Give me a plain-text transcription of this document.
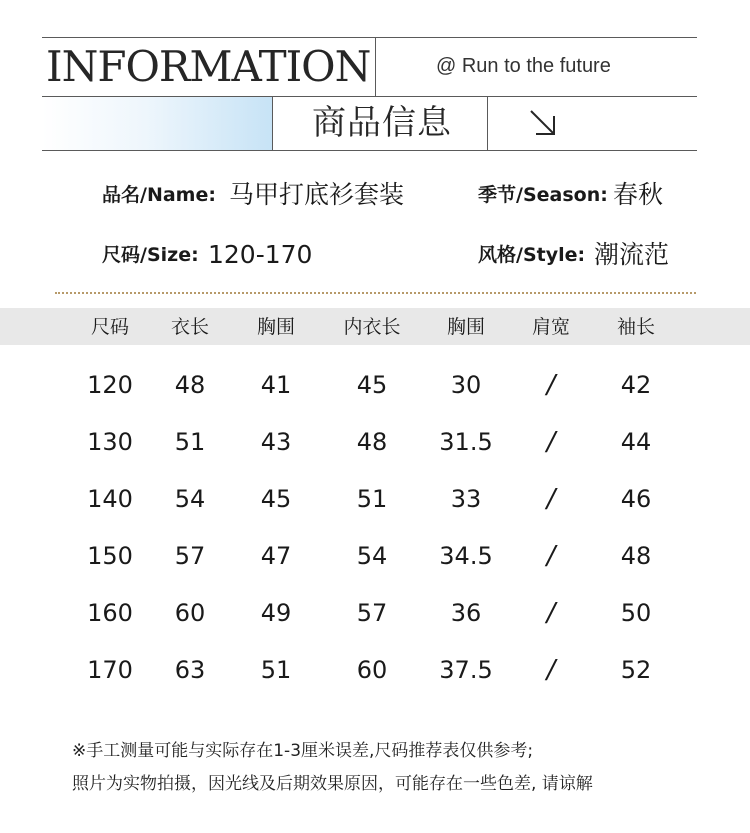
INFORMATION	@ Run to the future
商品信息
品名/Name: 马甲打底衫套装	季节/Season: 春秋
尺码/Size: 120-170	风格/Style: 潮流范
尺码 衣长	胸围	内衣长 胸围 肩宽 袖长
120 48 41	45	30	/	42
130 51 43	48 31.5 /	44
140 54 45	51	33	/	46
150 57 47	54 34.5 /	48
160 60 49	57	36	/	50
170 63 51	60 37.5 /	52
※手工测量可能与实际存在1-3厘米误差,尺码推荐表仅供参考;
照片为实物拍摄，因光线及后期效果原因，可能存在一些色差, 请谅解
